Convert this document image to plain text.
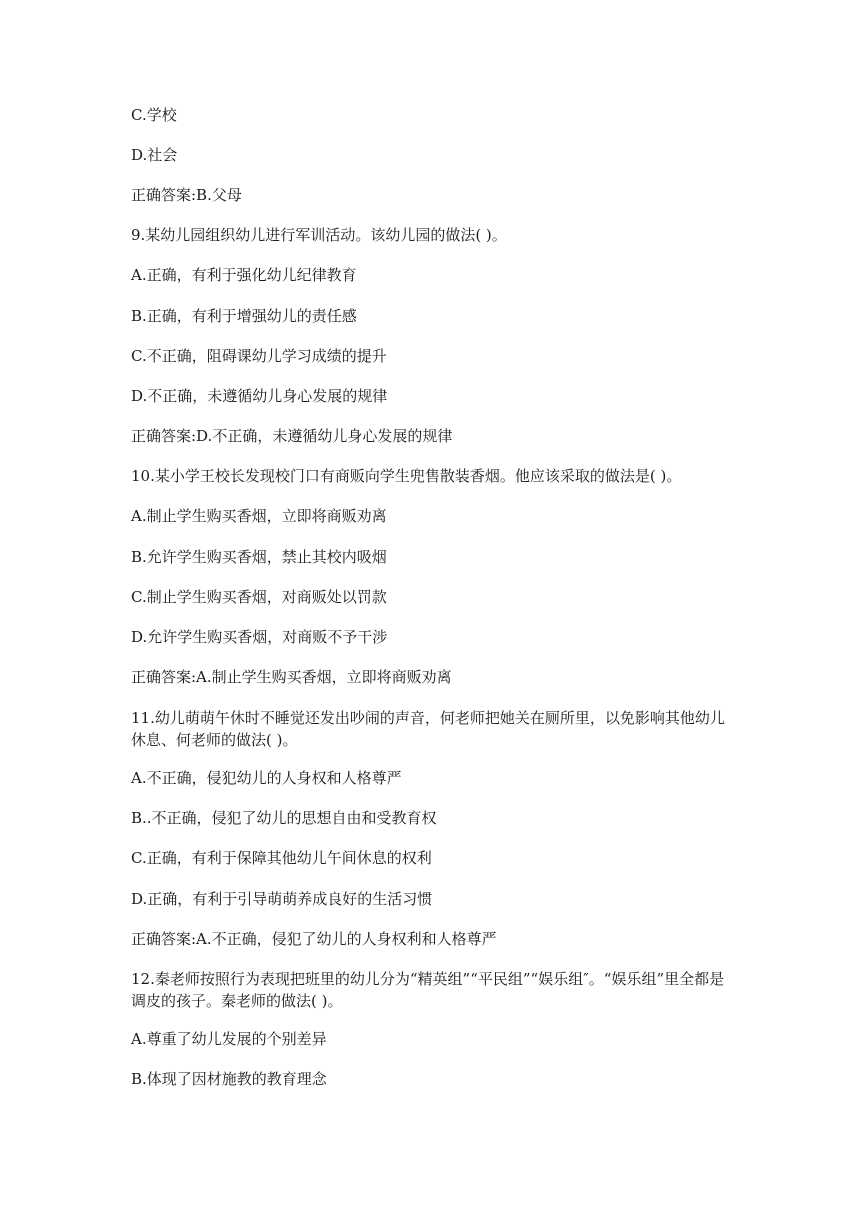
C.学校
D.社会
正确答案:B.父母
9.某幼儿园组织幼儿进行军训活动。该幼儿园的做法( )。
A.正确，有利于强化幼儿纪律教育
B.正确，有利于增强幼儿的责任感
C.不正确，阻碍课幼儿学习成绩的提升
D.不正确，未遵循幼儿身心发展的规律
正确答案:D.不正确，未遵循幼儿身心发展的规律
10.某小学王校长发现校门口有商贩向学生兜售散装香烟。他应该采取的做法是( )。
A.制止学生购买香烟，立即将商贩劝离
B.允许学生购买香烟，禁止其校内吸烟
C.制止学生购买香烟，对商贩处以罚款
D.允许学生购买香烟，对商贩不予干涉
正确答案:A.制止学生购买香烟，立即将商贩劝离
11.幼儿萌萌午休时不睡觉还发出吵闹的声音，何老师把她关在厕所里，以免影响其他幼儿休息、何老师的做法( )。
A.不正确，侵犯幼儿的人身权和人格尊严
B..不正确，侵犯了幼儿的思想自由和受教育权
C.正确，有利于保障其他幼儿午间休息的权利
D.正确，有利于引导萌萌养成良好的生活习惯
正确答案:A.不正确，侵犯了幼儿的人身权利和人格尊严
12.秦老师按照行为表现把班里的幼儿分为“精英组”“平民组”“娱乐组″。“娱乐组”里全都是调皮的孩子。秦老师的做法( )。
A.尊重了幼儿发展的个别差异
B.体现了因材施教的教育理念
